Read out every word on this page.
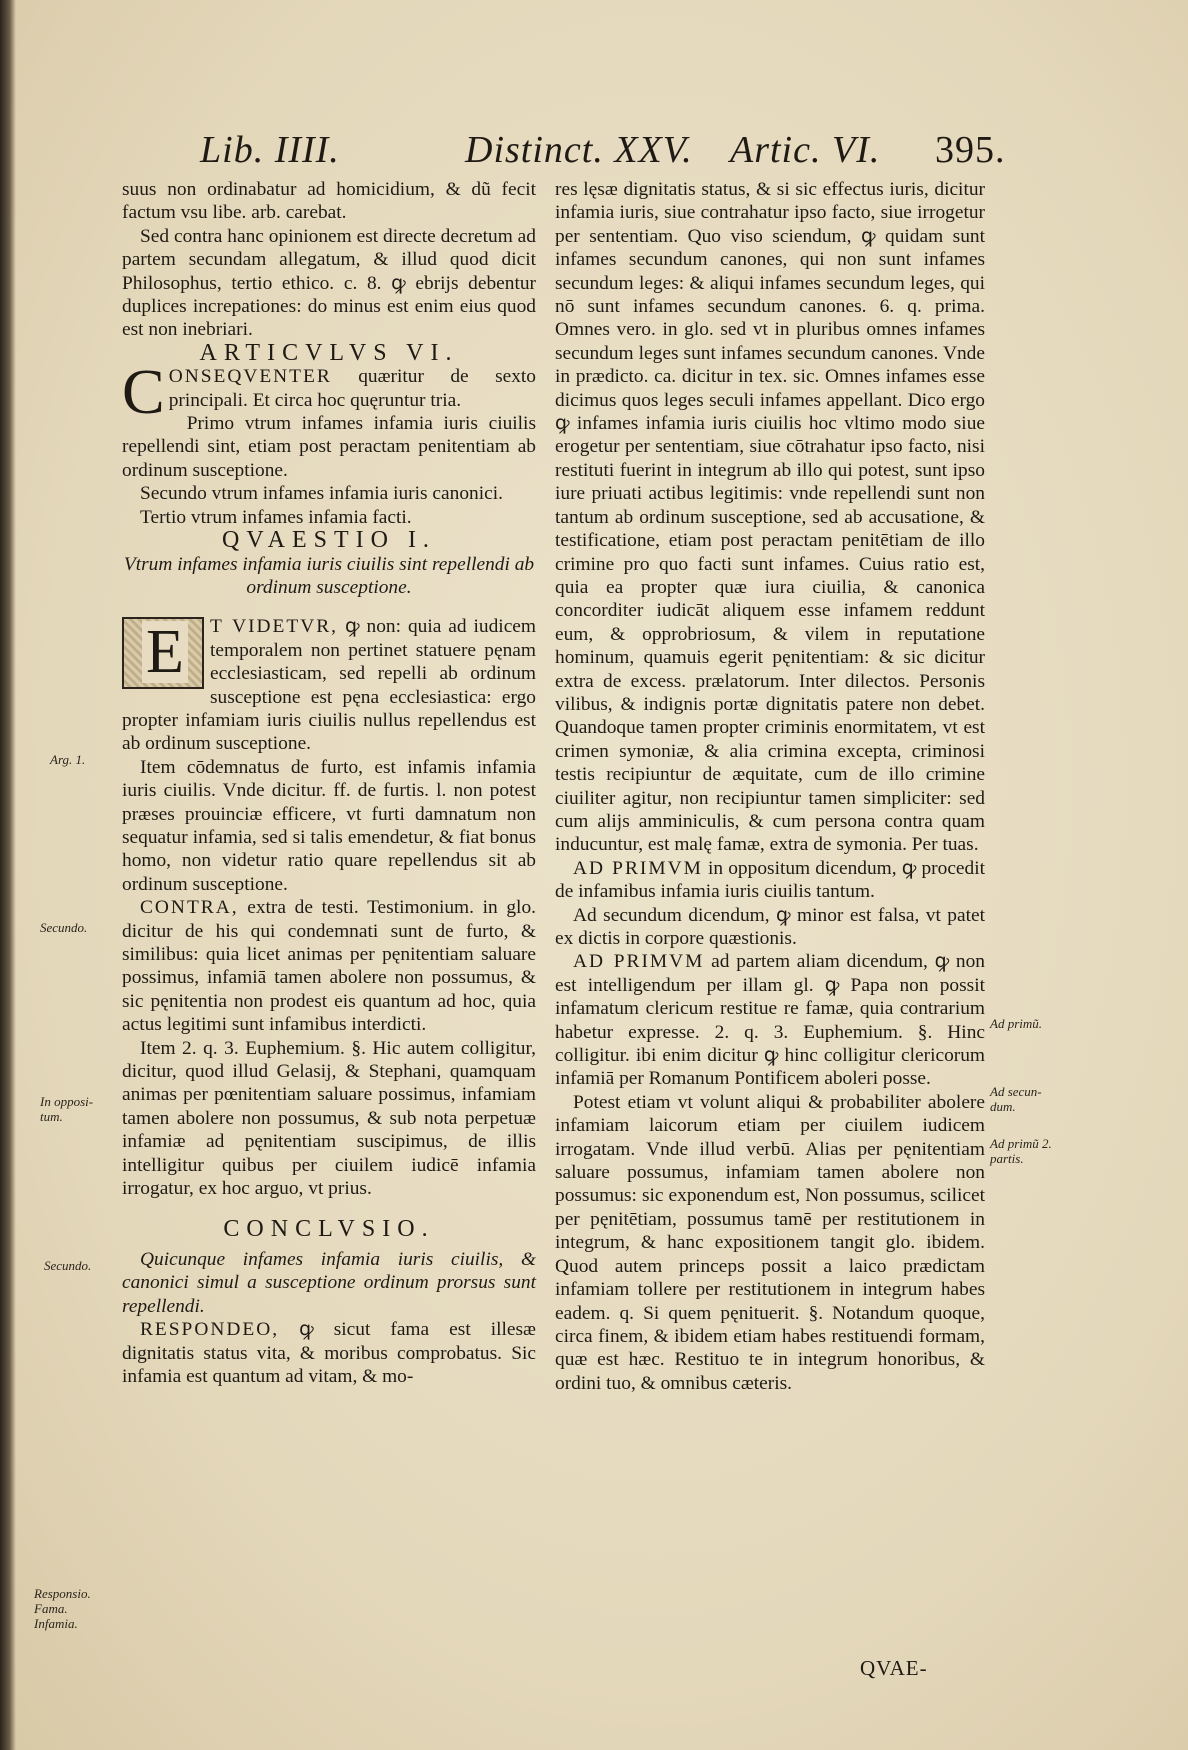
Lib. IIII.	Distinct. XXV. Artic. VI. 395.

suus non ordinabatur ad homicidium, & dũ fecit factum vsu libe. arb. carebat.

Sed contra hanc opinionem est directe decretum ad partem secundam allegatum, & illud quod dicit Philosophus, tertio ethico. c. 8. ꝙ ebrijs debentur duplices increpationes: do minus est enim eius quod est non inebriari.

ARTICVLVS VI.

C ONSEQVENTER quæritur de sexto principali. Et circa hoc quęruntur tria.

Primo vtrum infames infamia iuris ciuilis repellendi sint, etiam post peractam penitentiam ab ordinum susceptione.

Secundo vtrum infames infamia iuris canonici.

Tertio vtrum infames infamia facti.

QVAESTIO I.

Vtrum infames infamia iuris ciuilis sint repellendi ab ordinum susceptione.

E T VIDETVR, ꝙ non: quia ad iudicem temporalem non pertinet statuere pęnam ecclesiasticam, sed repelli ab ordinum susceptione est pęna ecclesiastica: ergo propter infamiam iuris ciuilis nullus repellendus est ab ordinum susceptione.

Item cōdemnatus de furto, est infamis infamia iuris ciuilis. Vnde dicitur. ff. de furtis. l. non potest præses prouinciæ efficere, vt furti damnatum non sequatur infamia, sed si talis emendetur, & fiat bonus homo, non videtur ratio quare repellendus sit ab ordinum susceptione.

CONTRA, extra de testi. Testimonium. in glo. dicitur de his qui condemnati sunt de furto, & similibus: quia licet animas per pęnitentiam saluare possimus, infamiā tamen abolere non possumus, & sic pęnitentia non prodest eis quantum ad hoc, quia actus legitimi sunt infamibus interdicti.

Item 2. q. 3. Euphemium. §. Hic autem colligitur, dicitur, quod illud Gelasij, & Stephani, quamquam animas per pœnitentiam saluare possimus, infamiam tamen abolere non possumus, & sub nota perpetuæ infamiæ ad pęnitentiam suscipimus, de illis intelligitur quibus per ciuilem iudicē infamia irrogatur, ex hoc arguo, vt prius.

CONCLVSIO.

Quicunque infames infamia iuris ciuilis, & canonici simul a susceptione ordinum prorsus sunt repellendi.

RESPONDEO, ꝙ sicut fama est illesæ dignitatis status vita, & moribus comprobatus. Sic infamia est quantum ad vitam, & mo-

res lęsæ dignitatis status, & si sic effectus iuris, dicitur infamia iuris, siue contrahatur ipso facto, siue irrogetur per sententiam. Quo viso sciendum, ꝙ quidam sunt infames secundum canones, qui non sunt infames secundum leges: & aliqui infames secundum leges, qui nō sunt infames secundum canones. 6. q. prima. Omnes vero. in glo. sed vt in pluribus omnes infames secundum leges sunt infames secundum canones. Vnde in prædicto. ca. dicitur in tex. sic. Omnes infames esse dicimus quos leges seculi infames appellant. Dico ergo ꝙ infames infamia iuris ciuilis hoc vltimo modo siue erogetur per sententiam, siue cōtrahatur ipso facto, nisi restituti fuerint in integrum ab illo qui potest, sunt ipso iure priuati actibus legitimis: vnde repellendi sunt non tantum ab ordinum susceptione, sed ab accusatione, & testificatione, etiam post peractam penitētiam de illo crimine pro quo facti sunt infames. Cuius ratio est, quia ea propter quæ iura ciuilia, & canonica concorditer iudicāt aliquem esse infamem reddunt eum, & opprobriosum, & vilem in reputatione hominum, quamuis egerit pęnitentiam: & sic dicitur extra de excess. prælatorum. Inter dilectos. Personis vilibus, & indignis portæ dignitatis patere non debet. Quandoque tamen propter criminis enormitatem, vt est crimen symoniæ, & alia crimina excepta, criminosi testis recipiuntur de æquitate, cum de illo crimine ciuiliter agitur, non recipiuntur tamen simpliciter: sed cum alijs amminiculis, & cum persona contra quam inducuntur, est malę famæ, extra de symonia. Per tuas.

AD PRIMVM in oppositum dicendum, ꝙ procedit de infamibus infamia iuris ciuilis tantum.

Ad secundum dicendum, ꝙ minor est falsa, vt patet ex dictis in corpore quæstionis.

AD PRIMVM ad partem aliam dicendum, ꝙ non est intelligendum per illam gl. ꝙ Papa non possit infamatum clericum restitue re famæ, quia contrarium habetur expresse. 2. q. 3. Euphemium. §. Hinc colligitur. ibi enim dicitur ꝙ hinc colligitur clericorum infamiā per Romanum Pontificem aboleri posse.

Potest etiam vt volunt aliqui & probabiliter abolere infamiam laicorum etiam per ciuilem iudicem irrogatam. Vnde illud verbū. Alias per pęnitentiam saluare possumus, infamiam tamen abolere non possumus: sic exponendum est, Non possumus, scilicet per pęnitētiam, possumus tamē per restitutionem in integrum, & hanc expositionem tangit glo. ibidem. Quod autem princeps possit a laico prædictam infamiam tollere per restitutionem in integrum habes eadem. q. Si quem pęnituerit. §. Notandum quoque, circa finem, & ibidem etiam habes restituendi formam, quæ est hæc. Restituo te in integrum honoribus, & ordini tuo, & omnibus cæteris.

Arg. 1.
Secundo.
In opposi- tum.
Secundo.
Responsio. Fama. Infamia.
Ad primũ.
Ad secun- dum.
Ad primũ 2. partis.
QVAE-
